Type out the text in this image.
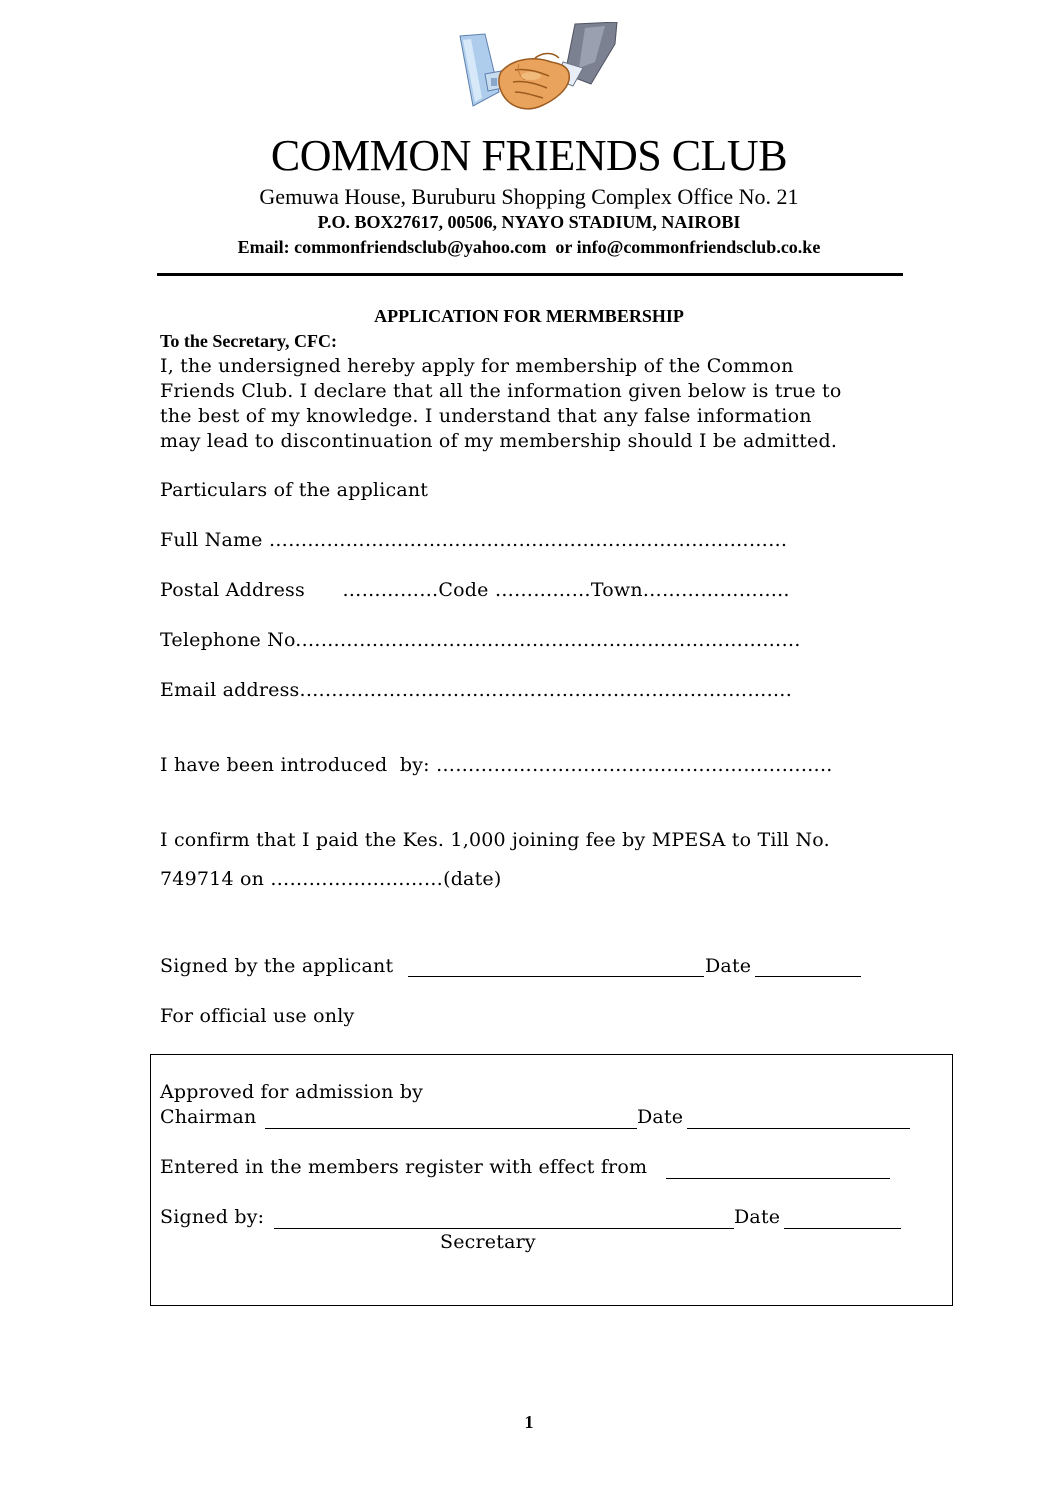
COMMON FRIENDS CLUB
Gemuwa House, Buruburu Shopping Complex Office No. 21
P.O. BOX27617, 00506, NYAYO STADIUM, NAIROBI
Email: commonfriendsclub@yahoo.com  or info@commonfriendsclub.co.ke
APPLICATION FOR MERMBERSHIP
To the Secretary, CFC:
I, the undersigned hereby apply for membership of the Common
Friends Club. I declare that all the information given below is true to
the best of my knowledge. I understand that any false information
may lead to discontinuation of my membership should I be admitted.
Particulars of the applicant
Full Name ………………………………………………………………………
Postal Address      ……………Code ……………Town…………………..
Telephone No.……………………………………………………………………
Email address.………………………………………………………………….
I have been introduced  by: ……………………………………………………..
I confirm that I paid the Kes. 1,000 joining fee by MPESA to Till No.
749714 on ………………………(date)
Signed by the applicant	Date
For official use only
Approved for admission by
Chairman	Date
Entered in the members register with effect from
Signed by:	Date
Secretary
1
